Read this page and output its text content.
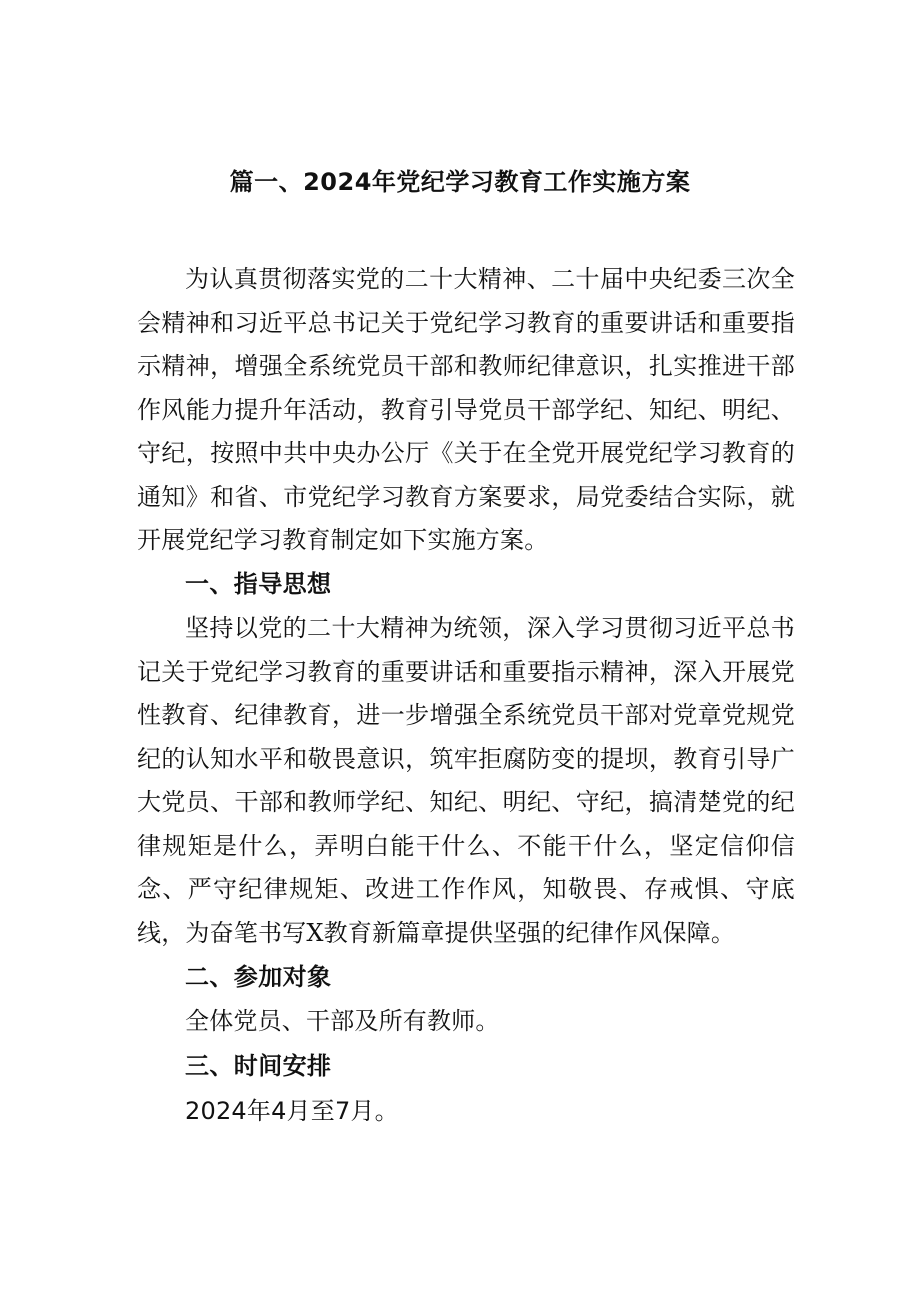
篇一、2024年党纪学习教育工作实施方案
为认真贯彻落实党的二十大精神、二十届中央纪委三次全会精神和习近平总书记关于党纪学习教育的重要讲话和重要指示精神，增强全系统党员干部和教师纪律意识，扎实推进干部作风能力提升年活动，教育引导党员干部学纪、知纪、明纪、守纪，按照中共中央办公厅《关于在全党开展党纪学习教育的通知》和省、市党纪学习教育方案要求，局党委结合实际，就开展党纪学习教育制定如下实施方案。
一、指导思想
坚持以党的二十大精神为统领，深入学习贯彻习近平总书记关于党纪学习教育的重要讲话和重要指示精神，深入开展党性教育、纪律教育，进一步增强全系统党员干部对党章党规党纪的认知水平和敬畏意识，筑牢拒腐防变的提坝，教育引导广大党员、干部和教师学纪、知纪、明纪、守纪，搞清楚党的纪律规矩是什么，弄明白能干什么、不能干什么，坚定信仰信念、严守纪律规矩、改进工作作风，知敬畏、存戒惧、守底线，为奋笔书写X教育新篇章提供坚强的纪律作风保障。
二、参加对象
全体党员、干部及所有教师。
三、时间安排
2024年4月至7月。
